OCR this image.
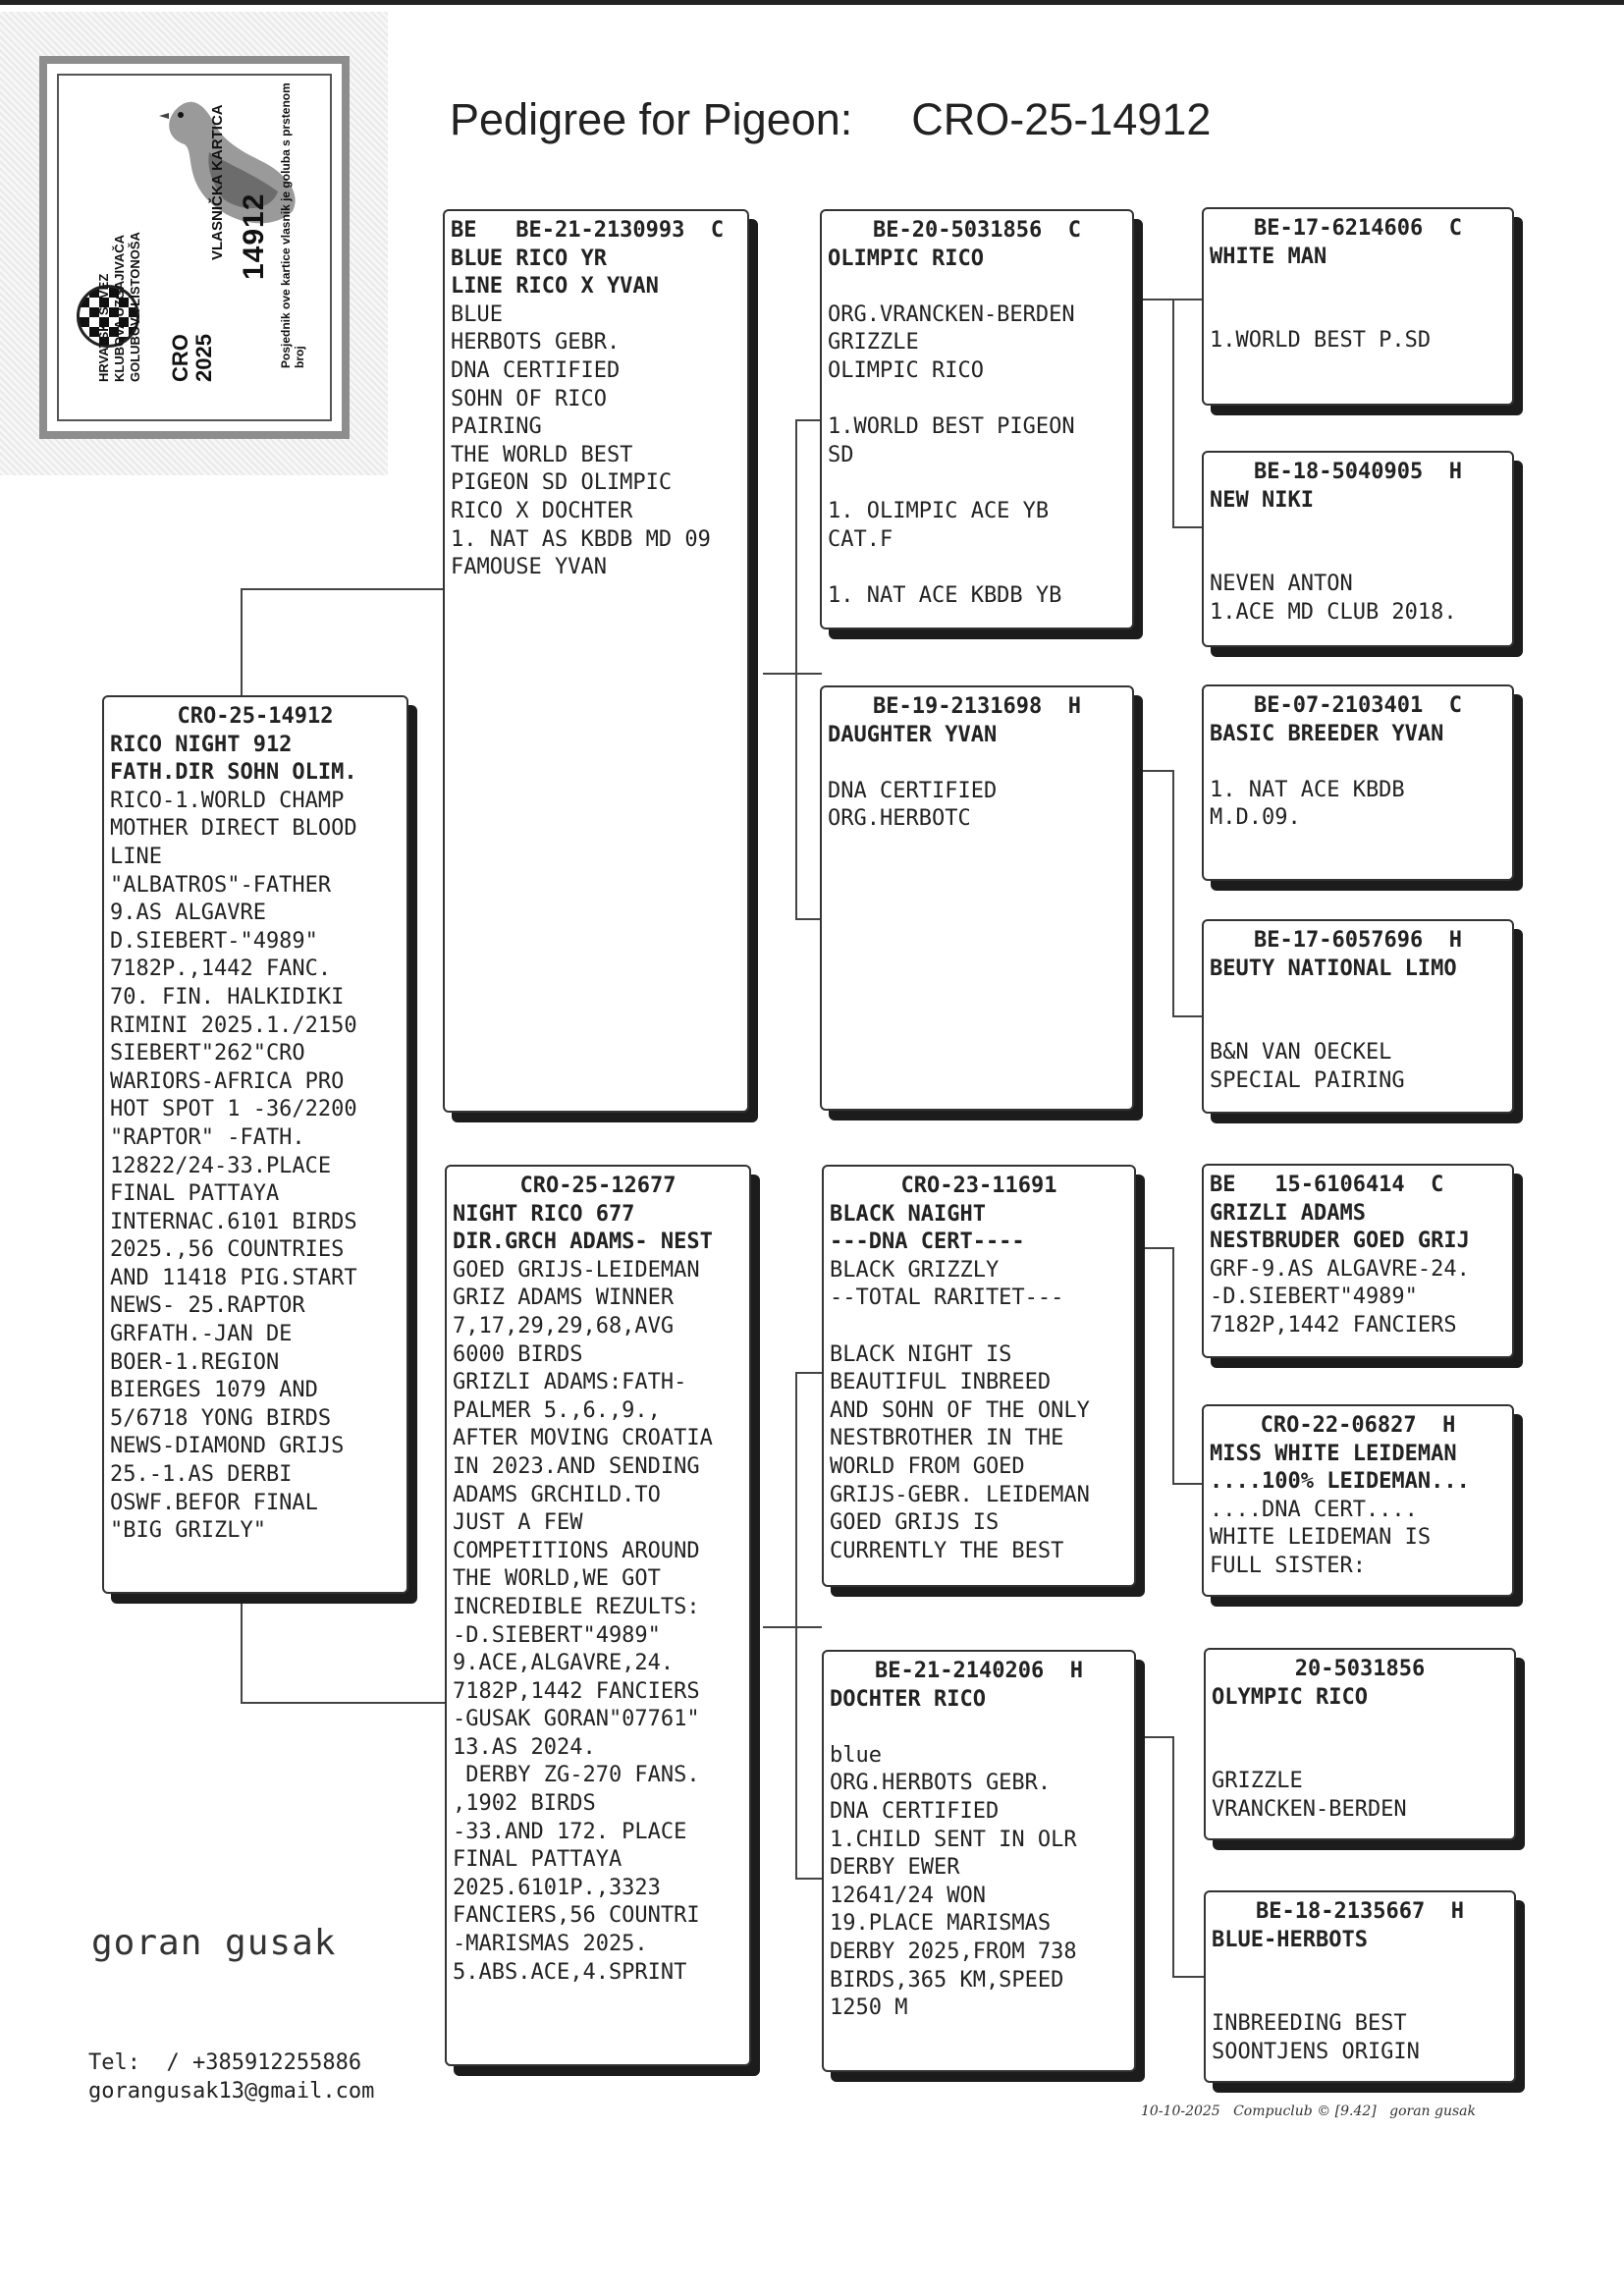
HRVATSKI SAVEZ
KLUBOVA UZGAJIVAČA
GOLUBOVA LISTONOŠA
CRO
2025
VLASNIČKA KARTICA 14912 Posjednik ove kartice vlasnik je goluba s prstenom broj
Pedigree for Pigeon: CRO-25-14912
CRO-25-14912
RICO NIGHT 912
FATH.DIR SOHN OLIM.
RICO-1.WORLD CHAMP
MOTHER DIRECT BLOOD
LINE
"ALBATROS"-FATHER
9.AS ALGAVRE
D.SIEBERT-"4989"
7182P.,1442 FANC.
70. FIN. HALKIDIKI
RIMINI 2025.1./2150
SIEBERT"262"CRO
WARIORS-AFRICA PRO
HOT SPOT 1 -36/2200
"RAPTOR" -FATH.
12822/24-33.PLACE
FINAL PATTAYA
INTERNAC.6101 BIRDS
2025.,56 COUNTRIES
AND 11418 PIG.START
NEWS- 25.RAPTOR
GRFATH.-JAN DE
BOER-1.REGION
BIERGES 1079 AND
5/6718 YONG BIRDS
NEWS-DIAMOND GRIJS
25.-1.AS DERBI
OSWF.BEFOR FINAL
"BIG GRIZLY"
BE   BE-21-2130993  C
BLUE RICO YR
LINE RICO X YVAN
BLUE
HERBOTS GEBR.
DNA CERTIFIED
SOHN OF RICO
PAIRING
THE WORLD BEST
PIGEON SD OLIMPIC
RICO X DOCHTER
1. NAT AS KBDB MD 09
FAMOUSE YVAN
CRO-25-12677
NIGHT RICO 677
DIR.GRCH ADAMS- NEST
GOED GRIJS-LEIDEMAN
GRIZ ADAMS WINNER
7,17,29,29,68,AVG
6000 BIRDS
GRIZLI ADAMS:FATH-
PALMER 5.,6.,9.,
AFTER MOVING CROATIA
IN 2023.AND SENDING
ADAMS GRCHILD.TO
JUST A FEW
COMPETITIONS AROUND
THE WORLD,WE GOT
INCREDIBLE REZULTS:
-D.SIEBERT"4989"
9.ACE,ALGAVRE,24.
7182P,1442 FANCIERS
-GUSAK GORAN"07761"
13.AS 2024.
DERBY ZG-270 FANS.
,1902 BIRDS
-33.AND 172. PLACE
FINAL PATTAYA
2025.6101P.,3323
FANCIERS,56 COUNTRI
-MARISMAS 2025.
5.ABS.ACE,4.SPRINT
BE-20-5031856  C
OLIMPIC RICO

ORG.VRANCKEN-BERDEN
GRIZZLE
OLIMPIC RICO

1.WORLD BEST PIGEON
SD

1. OLIMPIC ACE YB
CAT.F

1. NAT ACE KBDB YB
BE-19-2131698  H
DAUGHTER YVAN

DNA CERTIFIED
ORG.HERBOTC
CRO-23-11691
BLACK NAIGHT
---DNA CERT----
BLACK GRIZZLY
--TOTAL RARITET---

BLACK NIGHT IS
BEAUTIFUL INBREED
AND SOHN OF THE ONLY
NESTBROTHER IN THE
WORLD FROM GOED
GRIJS-GEBR. LEIDEMAN
GOED GRIJS IS
CURRENTLY THE BEST
BE-21-2140206  H
DOCHTER RICO

blue
ORG.HERBOTS GEBR.
DNA CERTIFIED
1.CHILD SENT IN OLR
DERBY EWER
12641/24 WON
19.PLACE MARISMAS
DERBY 2025,FROM 738
BIRDS,365 KM,SPEED
1250 M
BE-17-6214606  C
WHITE MAN

1.WORLD BEST P.SD
BE-18-5040905  H
NEW NIKI

NEVEN ANTON
1.ACE MD CLUB 2018.
BE-07-2103401  C
BASIC BREEDER YVAN

1. NAT ACE KBDB
M.D.09.
BE-17-6057696  H
BEUTY NATIONAL LIMO

B&N VAN OECKEL
SPECIAL PAIRING
BE   15-6106414  C
GRIZLI ADAMS
NESTBRUDER GOED GRIJ
GRF-9.AS ALGAVRE-24.
-D.SIEBERT"4989"
7182P,1442 FANCIERS
CRO-22-06827  H
MISS WHITE LEIDEMAN
....100% LEIDEMAN...
....DNA CERT....
WHITE LEIDEMAN IS
FULL SISTER:
20-5031856
OLYMPIC RICO

GRIZZLE
VRANCKEN-BERDEN
BE-18-2135667  H
BLUE-HERBOTS

INBREEDING BEST
SOONTJENS ORIGIN
goran gusak
Tel:  / +385912255886
gorangusak13@gmail.com
10-10-2025   Compuclub © [9.42]   goran gusak
